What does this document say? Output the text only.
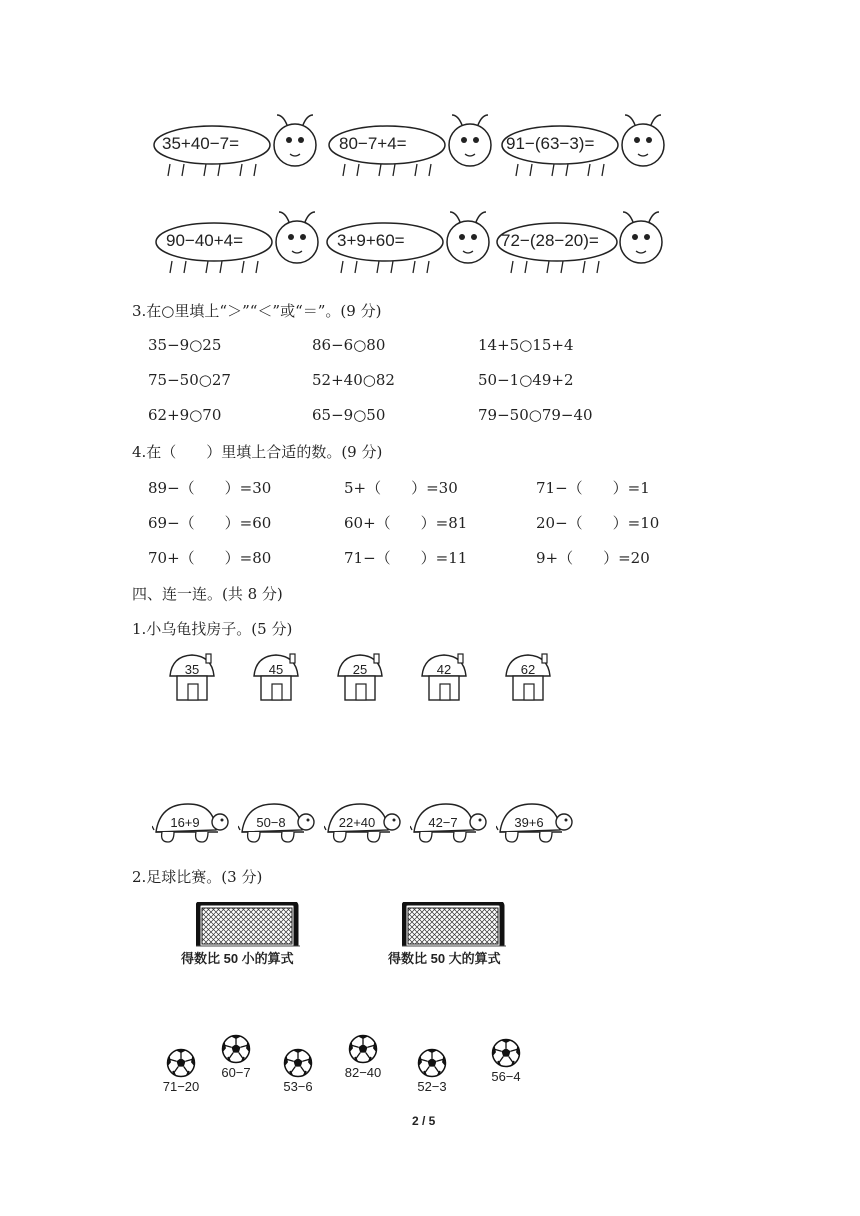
35+40−7=	80−7+4=	91−(63−3)=
90−40+4=	3+9+60=	72−(28−20)=
3.在○里填上“＞”“＜”或“＝”。(9 分)
35−9○25	86−6○80	14+5○15+4
75−50○27	52+40○82	50−1○49+2
62+9○70	65−9○50	79−50○79−40
4.在（　　）里填上合适的数。(9 分)
89−（　　）=30	5+（　　）=30	71−（　　）=1
69−（　　）=60	60+（　　）=81	20−（　　）=10
70+（　　）=80	71−（　　）=11	9+（　　）=20
四、连一连。(共 8 分)
1.小乌龟找房子。(5 分)
35	45	25	42	62
16+9	50−8	22+40	42−7	39+6
2.足球比赛。(3 分)
得数比 50 小的算式	得数比 50 大的算式
71−20
60−7
53−6
82−40
52−3
56−4
2 / 5
